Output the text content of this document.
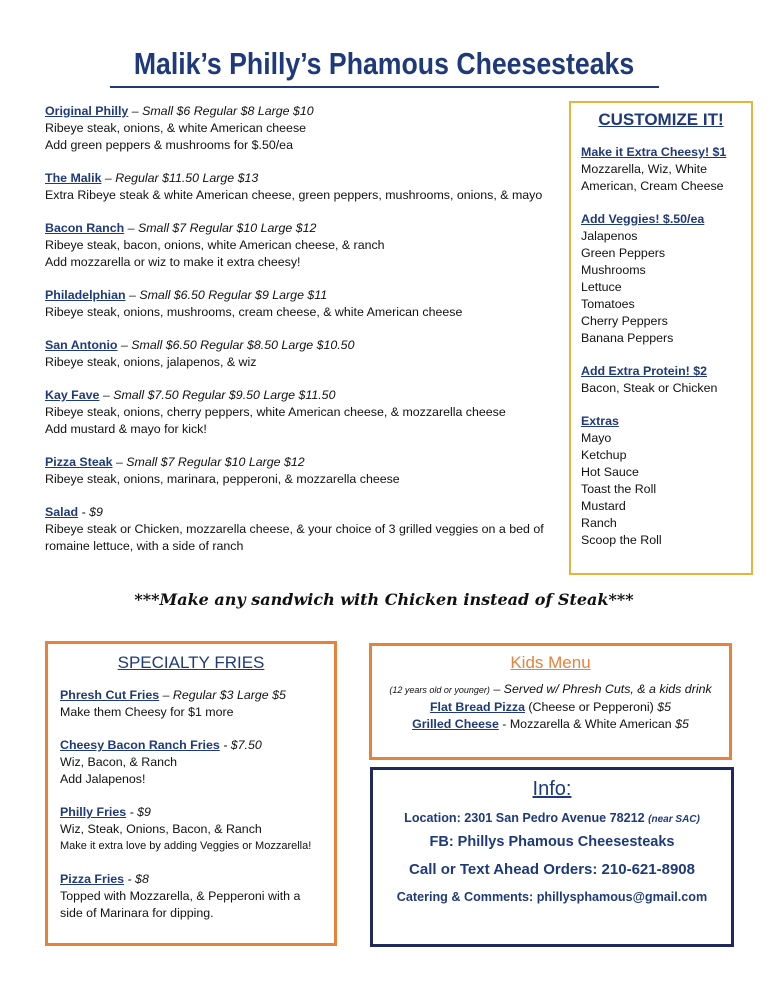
Malik’s Philly’s Phamous Cheesesteaks
Original Philly – Small $6 Regular $8 Large $10
Ribeye steak, onions, & white American cheese
Add green peppers & mushrooms for $.50/ea
The Malik – Regular $11.50 Large $13
Extra Ribeye steak & white American cheese, green peppers, mushrooms, onions, & mayo
Bacon Ranch – Small $7 Regular $10 Large $12
Ribeye steak, bacon, onions, white American cheese, & ranch
Add mozzarella or wiz to make it extra cheesy!
Philadelphian – Small $6.50 Regular $9 Large $11
Ribeye steak, onions, mushrooms, cream cheese, & white American cheese
San Antonio – Small $6.50 Regular $8.50 Large $10.50
Ribeye steak, onions, jalapenos, & wiz
Kay Fave – Small $7.50 Regular $9.50 Large $11.50
Ribeye steak, onions, cherry peppers, white American cheese, & mozzarella cheese
Add mustard & mayo for kick!
Pizza Steak – Small $7 Regular $10 Large $12
Ribeye steak, onions, marinara, pepperoni, & mozzarella cheese
Salad - $9
Ribeye steak or Chicken, mozzarella cheese, & your choice of 3 grilled veggies on a bed of
romaine lettuce, with a side of ranch
CUSTOMIZE IT!
Make it Extra Cheesy! $1
Mozzarella, Wiz, White
American, Cream Cheese
Add Veggies! $.50/ea
Jalapenos
Green Peppers
Mushrooms
Lettuce
Tomatoes
Cherry Peppers
Banana Peppers
Add Extra Protein! $2
Bacon, Steak or Chicken
Extras
Mayo
Ketchup
Hot Sauce
Toast the Roll
Mustard
Ranch
Scoop the Roll
***Make any sandwich with Chicken instead of Steak***
SPECIALTY FRIES
Phresh Cut Fries – Regular $3 Large $5
Make them Cheesy for $1 more
Cheesy Bacon Ranch Fries - $7.50
Wiz, Bacon, & Ranch
Add Jalapenos!
Philly Fries - $9
Wiz, Steak, Onions, Bacon, & Ranch
Make it extra love by adding Veggies or Mozzarella!
Pizza Fries - $8
Topped with Mozzarella, & Pepperoni with a
side of Marinara for dipping.
Kids Menu
(12 years old or younger) – Served w/ Phresh Cuts, & a kids drink
Flat Bread Pizza (Cheese or Pepperoni) $5
Grilled Cheese - Mozzarella & White American $5
Info:
Location: 2301 San Pedro Avenue 78212 (near SAC)
FB: Phillys Phamous Cheesesteaks
Call or Text Ahead Orders: 210-621-8908
Catering & Comments: phillysphamous@gmail.com
